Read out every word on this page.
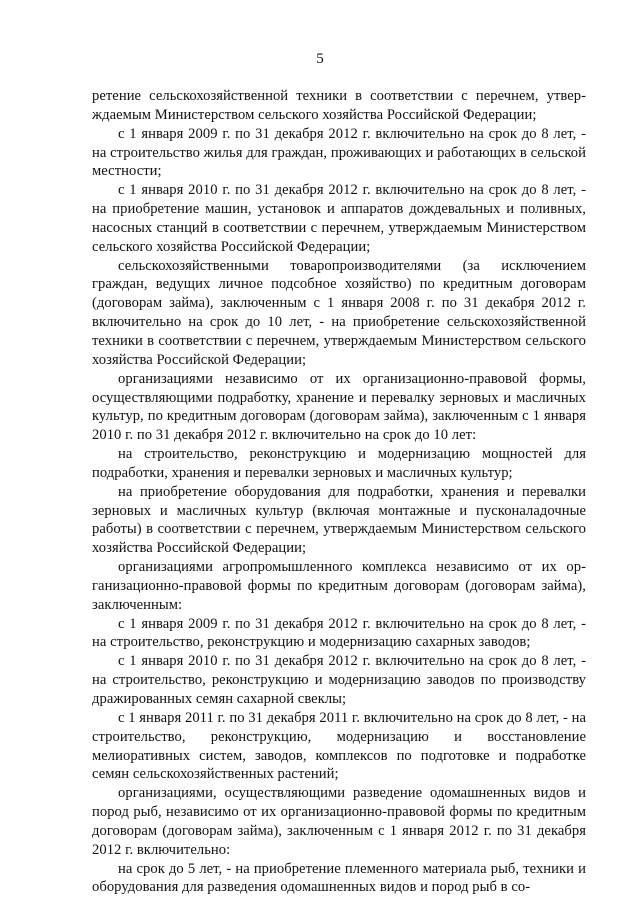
5

ретение сельскохозяйственной техники в соответствии с перечнем, утверждаемым Министерством сельского хозяйства Российской Федерации;

с 1 января 2009 г. по 31 декабря 2012 г. включительно на срок до 8 лет, - на строительство жилья для граждан, проживающих и работающих в сельской местности;

с 1 января 2010 г. по 31 декабря 2012 г. включительно на срок до 8 лет, - на приобретение машин, установок и аппаратов дождевальных и поливных, насосных станций в соответствии с перечнем, утверждаемым Министерством сельского хозяйства Российской Федерации;

сельскохозяйственными товаропроизводителями (за исключением граждан, ведущих личное подсобное хозяйство) по кредитным договорам (договорам займа), заключенным с 1 января 2008 г. по 31 декабря 2012 г. включительно на срок до 10 лет, - на приобретение сельскохозяйственной техники в соответствии с перечнем, утверждаемым Министерством сельского хозяйства Российской Федерации;

организациями независимо от их организационно-правовой формы, осуществляющими подработку, хранение и перевалку зерновых и масличных культур, по кредитным договорам (договорам займа), заключенным с 1 января 2010 г. по 31 декабря 2012 г. включительно на срок до 10 лет:

на строительство, реконструкцию и модернизацию мощностей для подработки, хранения и перевалки зерновых и масличных культур;

на приобретение оборудования для подработки, хранения и перевалки зерновых и масличных культур (включая монтажные и пусконаладочные работы) в соответствии с перечнем, утверждаемым Министерством сельского хозяйства Российской Федерации;

организациями агропромышленного комплекса независимо от их организационно-правовой формы по кредитным договорам (договорам займа), заключенным:

с 1 января 2009 г. по 31 декабря 2012 г. включительно на срок до 8 лет, - на строительство, реконструкцию и модернизацию сахарных заводов;

с 1 января 2010 г. по 31 декабря 2012 г. включительно на срок до 8 лет, - на строительство, реконструкцию и модернизацию заводов по производству дражированных семян сахарной свеклы;

с 1 января 2011 г. по 31 декабря 2011 г. включительно на срок до 8 лет, - на строительство, реконструкцию, модернизацию и восстановление мелиоративных систем, заводов, комплексов по подготовке и подработке семян сельскохозяйственных растений;

организациями, осуществляющими разведение одомашненных видов и пород рыб, независимо от их организационно-правовой формы по кредитным договорам (договорам займа), заключенным с 1 января 2012 г. по 31 декабря 2012 г. включительно:

на срок до 5 лет, - на приобретение племенного материала рыб, техники и оборудования для разведения одомашненных видов и пород рыб в со-
